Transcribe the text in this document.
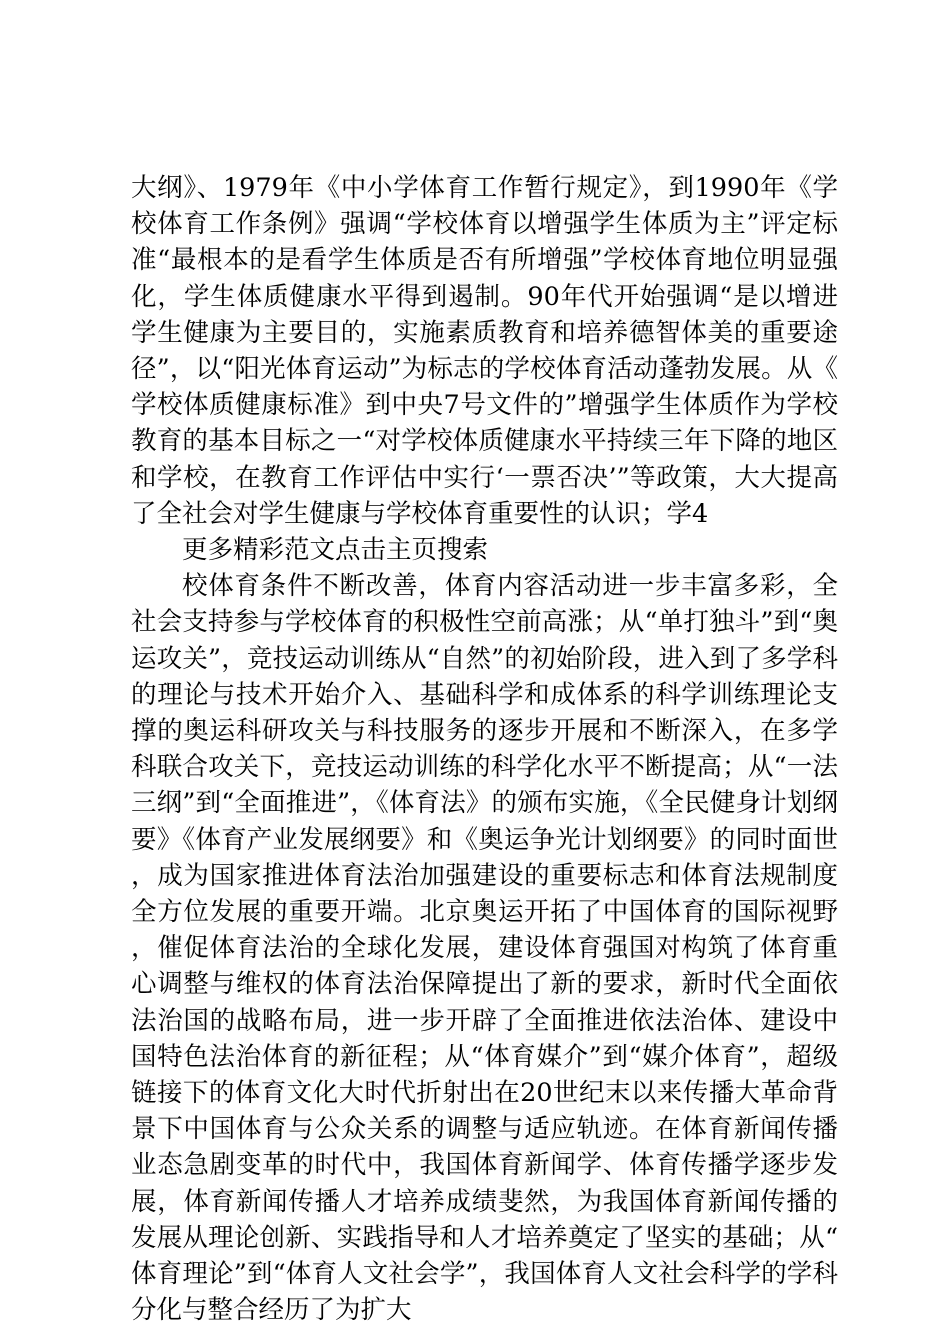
大纲》、1979年《中小学体育工作暂行规定》，到1990年《学校体育工作条例》强调“学校体育以增强学生体质为主”评定标准“最根本的是看学生体质是否有所增强”学校体育地位明显强化，学生体质健康水平得到遏制。90年代开始强调“是以增进学生健康为主要目的，实施素质教育和培养德智体美的重要途径”，以“阳光体育运动”为标志的学校体育活动蓬勃发展。从《学校体质健康标准》到中央7号文件的”增强学生体质作为学校教育的基本目标之一“对学校体质健康水平持续三年下降的地区和学校，在教育工作评估中实行‘一票否决’”等政策，大大提高了全社会对学生健康与学校体育重要性的认识；学4

更多精彩范文点击主页搜索

校体育条件不断改善，体育内容活动进一步丰富多彩，全社会支持参与学校体育的积极性空前高涨；从“单打独斗”到“奥运攻关”，竞技运动训练从“自然”的初始阶段，进入到了多学科的理论与技术开始介入、基础科学和成体系的科学训练理论支撑的奥运科研攻关与科技服务的逐步开展和不断深入，在多学科联合攻关下，竞技运动训练的科学化水平不断提高；从“一法三纲”到“全面推进”，《体育法》的颁布实施，《全民健身计划纲要》《体育产业发展纲要》和《奥运争光计划纲要》的同时面世，成为国家推进体育法治加强建设的重要标志和体育法规制度全方位发展的重要开端。北京奥运开拓了中国体育的国际视野，催促体育法治的全球化发展，建设体育强国对构筑了体育重心调整与维权的体育法治保障提出了新的要求，新时代全面依法治国的战略布局，进一步开辟了全面推进依法治体、建设中国特色法治体育的新征程；从“体育媒介”到“媒介体育”，超级链接下的体育文化大时代折射出在20世纪末以来传播大革命背景下中国体育与公众关系的调整与适应轨迹。在体育新闻传播业态急剧变革的时代中，我国体育新闻学、体育传播学逐步发展，体育新闻传播人才培养成绩斐然，为我国体育新闻传播的发展从理论创新、实践指导和人才培养奠定了坚实的基础；从“体育理论”到“体育人文社会学”，我国体育人文社会科学的学科分化与整合经历了为扩大
